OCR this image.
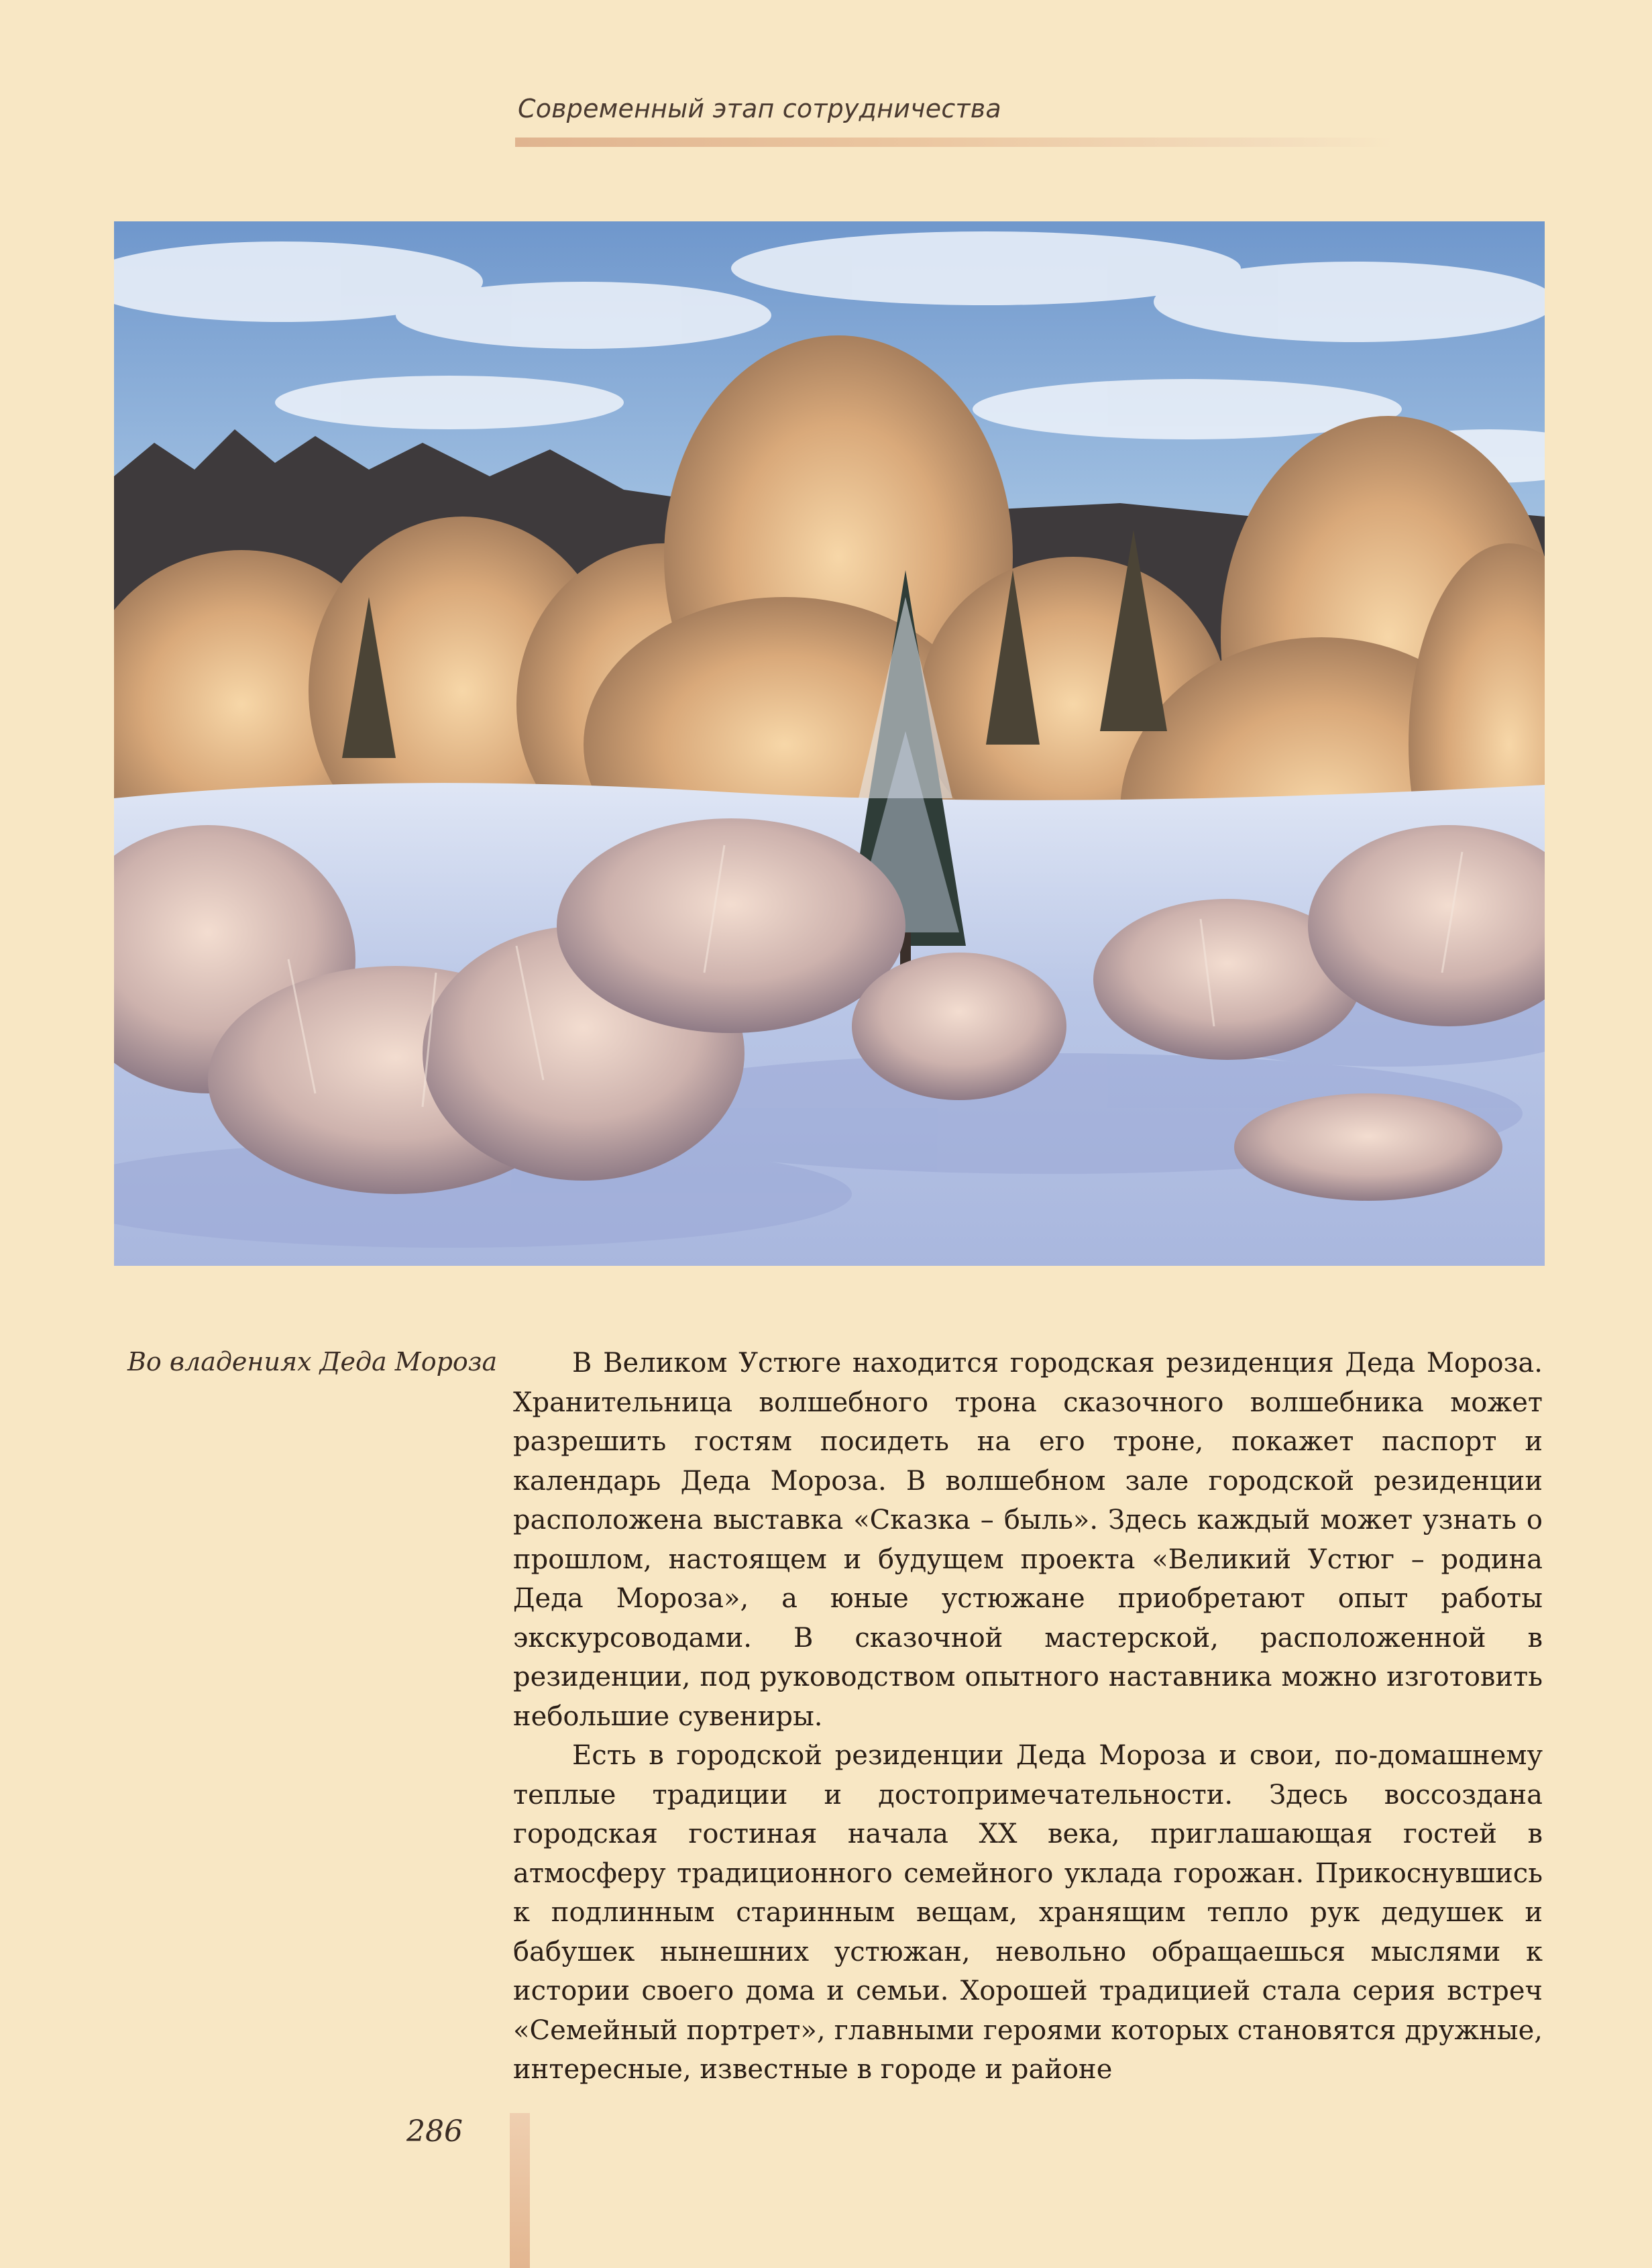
Современный этап сотрудничества
Во владениях Деда Мороза	В Великом Устюге находится городская резиденция Деда Мороза. Хранительница волшебного трона сказочного волшебника может разрешить гостям посидеть на его троне, покажет паспорт и календарь Деда Мороза. В волшебном зале городской резиденции расположена выставка «Сказка – быль». Здесь каждый может узнать о прошлом, настоящем и будущем проекта «Великий Устюг – родина Деда Мороза», а юные устюжане приобретают опыт работы экскурсоводами. В сказочной мастерской, расположенной в резиденции, под руководством опытного наставника можно изготовить небольшие сувениры.

Есть в городской резиденции Деда Мороза и свои, по-домашнему теплые традиции и достопримечательности. Здесь воссоздана городская гостиная начала XX века, приглашающая гостей в атмосферу традиционного семейного уклада горожан. Прикоснувшись к подлинным старинным вещам, хранящим тепло рук дедушек и бабушек нынешних устюжан, невольно обращаешься мыслями к истории своего дома и семьи. Хорошей традицией стала серия встреч «Семейный портрет», главными героями которых становятся дружные, интересные, известные в городе и районе

286
